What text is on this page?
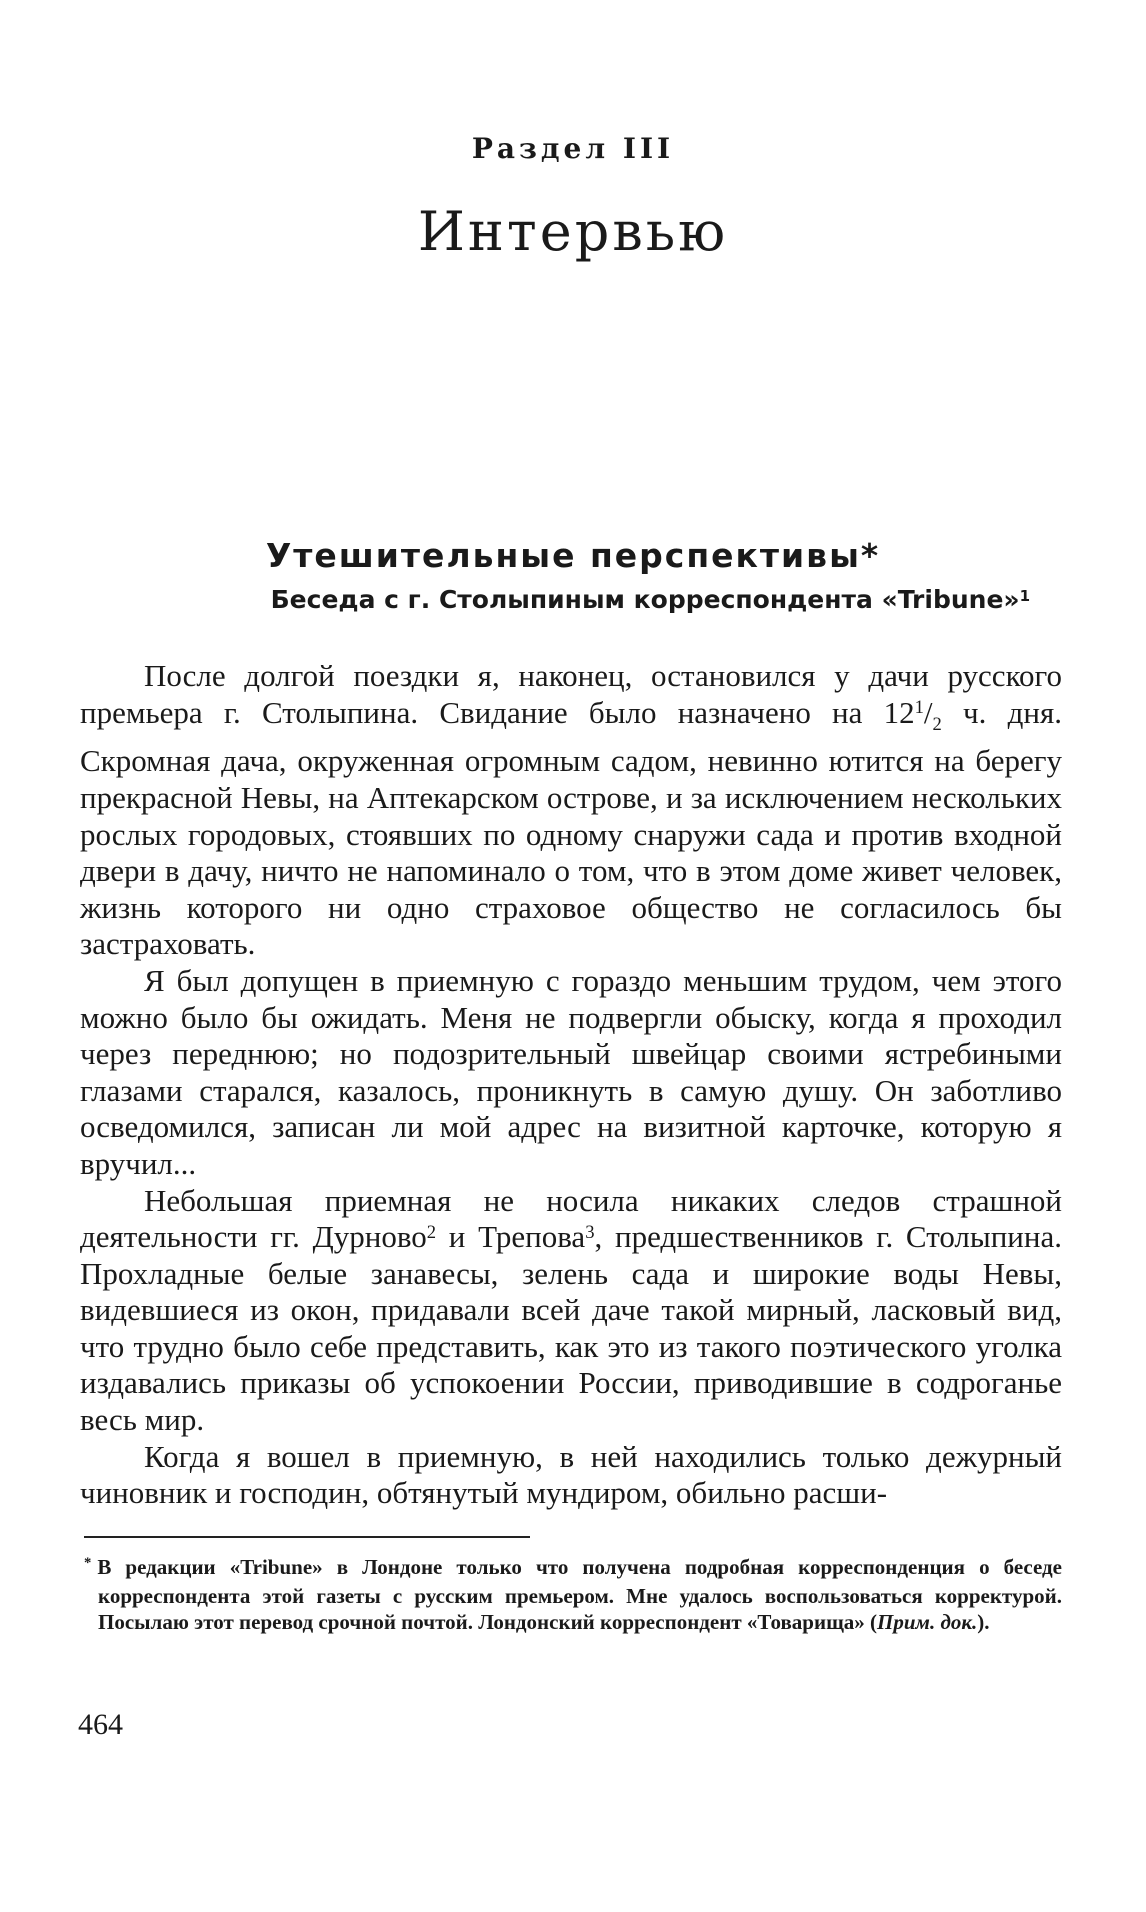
Раздел III
Интервью
Утешительные перспективы*
Беседа с г. Столыпиным корреспондента «Tribune»$^1$

После долгой поездки я, наконец, остановился у дачи русского премьера г. Столыпина. Свидание было назначено на $12^1/_2$ ч. дня. Скромная дача, окруженная огромным садом, невинно ютится на берегу прекрасной Невы, на Аптекарском острове, и за исключением нескольких рослых городовых, стоявших по одному снаружи сада и против входной двери в дачу, ничто не напоминало о том, что в этом доме живет человек, жизнь которого ни одно страховое общество не согласилось бы застраховать.

Я был допущен в приемную с гораздо меньшим трудом, чем этого можно было бы ожидать. Меня не подвергли обыску, когда я проходил через переднюю; но подозрительный швейцар своими ястребиными глазами старался, казалось, проникнуть в самую душу. Он заботливо осведомился, записан ли мой адрес на визитной карточке, которую я вручил...

Небольшая приемная не носила никаких следов страшной деятельности гг. Дурново$^2$ и Трепова$^3$, предшественников г. Столыпина. Прохладные белые занавесы, зелень сада и широкие воды Невы, видевшиеся из окон, придавали всей даче такой мирный, ласковый вид, что трудно было себе представить, как это из такого поэтического уголка издавались приказы об успокоении России, приводившие в содроганье весь мир.

Когда я вошел в приемную, в ней находились только дежурный чиновник и господин, обтянутый мундиром, обильно расши-

* В редакции «Tribune» в Лондоне только что получена подробная корреспонденция о беседе корреспондента этой газеты с русским премьером. Мне удалось воспользоваться корректурой. Посылаю этот перевод срочной почтой. Лондонский корреспондент «Товарища» (Прим. док.).
464
